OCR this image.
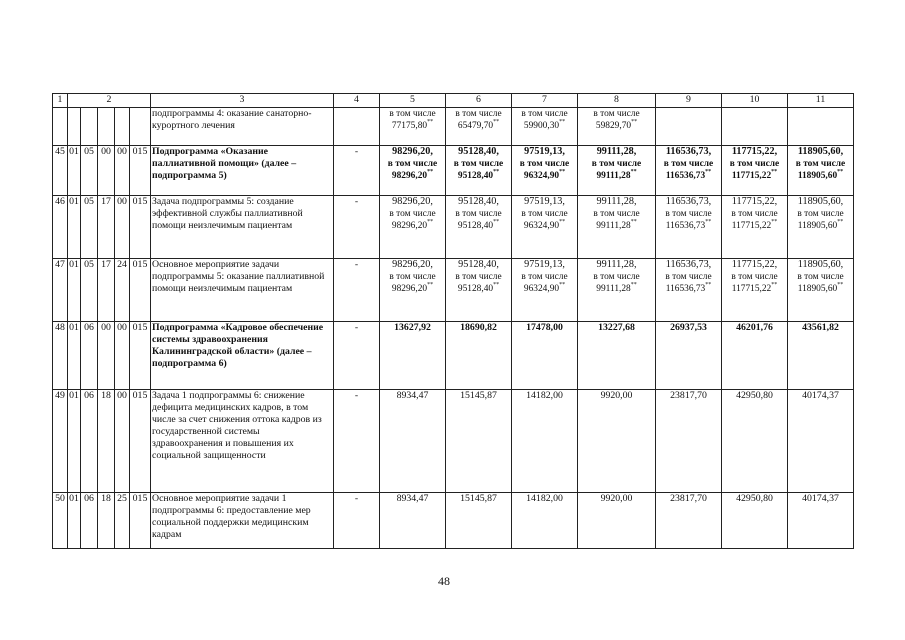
1	2					3	4	5	6	7	8	9	10	11
						подпрограммы 4: оказание санаторно-курортного лечения		в том числе
77175,80**	в том числе
65479,70**	в том числе
59900,30**	в том числе
59829,70**

45	01	05	00	00	015	Подпрограмма «Оказание паллиативной помощи» (далее – подпрограмма 5)	-	98296,20,
в том числе
98296,20**	95128,40,
в том числе
95128,40**	97519,13,
в том числе
96324,90**	99111,28,
в том числе
99111,28**	116536,73,
в том числе
116536,73**	117715,22,
в том числе
117715,22**	118905,60,
в том числе
118905,60**

46	01	05	17	00	015	Задача подпрограммы 5: создание эффективной службы паллиативной помощи неизлечимым пациентам	-	98296,20,
в том числе
98296,20**	95128,40,
в том числе
95128,40**	97519,13,
в том числе
96324,90**	99111,28,
в том числе
99111,28**	116536,73,
в том числе
116536,73**	117715,22,
в том числе
117715,22**	118905,60,
в том числе
118905,60**

47	01	05	17	24	015	Основное мероприятие задачи подпрограммы 5: оказание паллиативной помощи неизлечимым пациентам	-	98296,20,
в том числе
98296,20**	95128,40,
в том числе
95128,40**	97519,13,
в том числе
96324,90**	99111,28,
в том числе
99111,28**	116536,73,
в том числе
116536,73**	117715,22,
в том числе
117715,22**	118905,60,
в том числе
118905,60**

48	01	06	00	00	015	Подпрограмма «Кадровое обеспечение системы здравоохранения Калининградской области» (далее – подпрограмма 6)	-	13627,92	18690,82	17478,00	13227,68	26937,53	46201,76	43561,82
49	01	06	18	00	015	Задача 1 подпрограммы 6: снижение дефицита медицинских кадров, в том числе за счет снижения оттока кадров из государственной системы здравоохранения и повышения их социальной защищенности	-	8934,47	15145,87	14182,00	9920,00	23817,70	42950,80	40174,37
50	01	06	18	25	015	Основное мероприятие задачи 1 подпрограммы 6: предоставление мер социальной поддержки медицинским кадрам	-	8934,47	15145,87	14182,00	9920,00	23817,70	42950,80	40174,37
48
